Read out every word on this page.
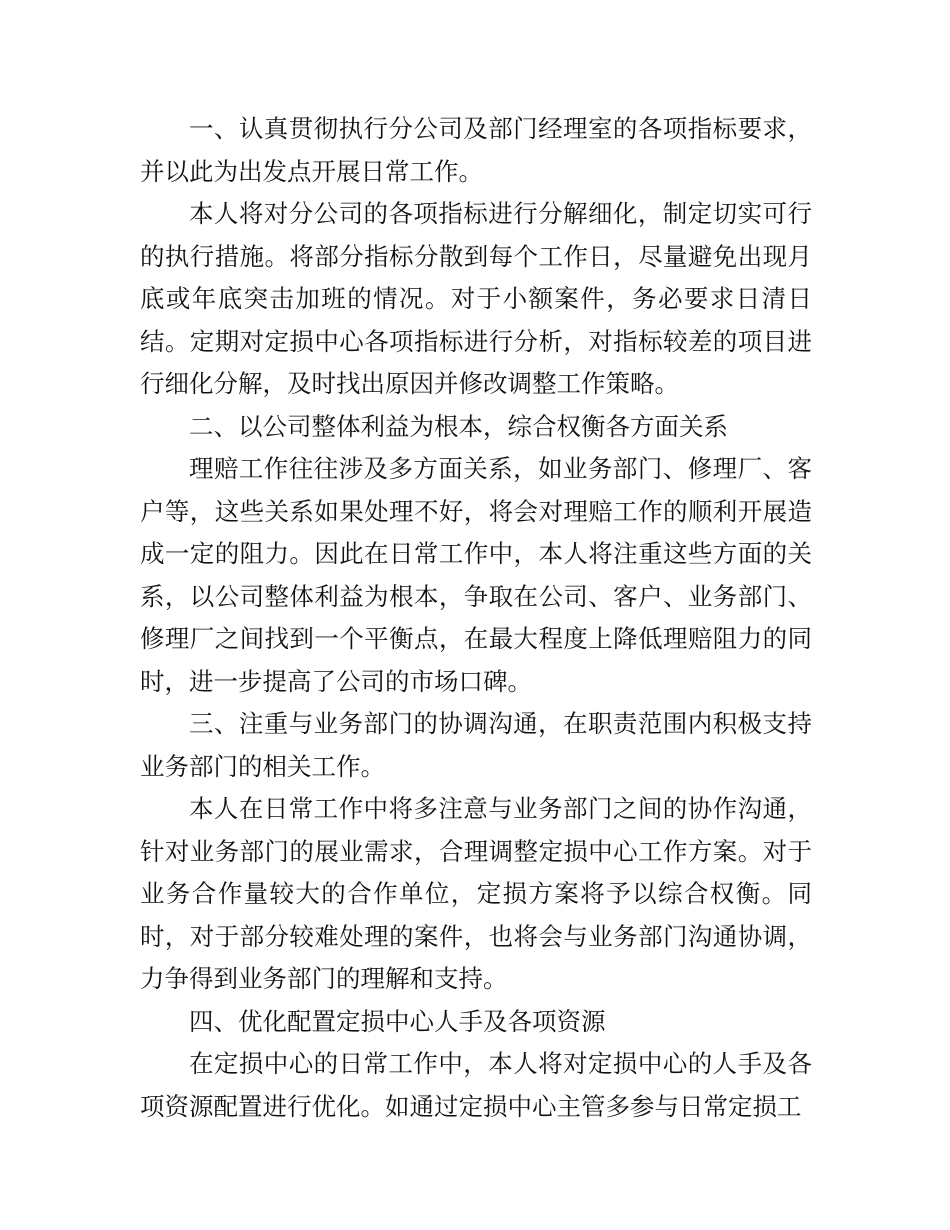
一、认真贯彻执行分公司及部门经理室的各项指标要求，并以此为出发点开展日常工作。

本人将对分公司的各项指标进行分解细化，制定切实可行的执行措施。将部分指标分散到每个工作日，尽量避免出现月底或年底突击加班的情况。对于小额案件，务必要求日清日结。定期对定损中心各项指标进行分析，对指标较差的项目进行细化分解，及时找出原因并修改调整工作策略。

二、以公司整体利益为根本，综合权衡各方面关系

理赔工作往往涉及多方面关系，如业务部门、修理厂、客户等，这些关系如果处理不好，将会对理赔工作的顺利开展造成一定的阻力。因此在日常工作中，本人将注重这些方面的关系，以公司整体利益为根本，争取在公司、客户、业务部门、修理厂之间找到一个平衡点，在最大程度上降低理赔阻力的同时，进一步提高了公司的市场口碑。

三、注重与业务部门的协调沟通，在职责范围内积极支持业务部门的相关工作。

本人在日常工作中将多注意与业务部门之间的协作沟通，针对业务部门的展业需求，合理调整定损中心工作方案。对于业务合作量较大的合作单位，定损方案将予以综合权衡。同时，对于部分较难处理的案件，也将会与业务部门沟通协调，力争得到业务部门的理解和支持。

四、优化配置定损中心人手及各项资源

在定损中心的日常工作中，本人将对定损中心的人手及各项资源配置进行优化。如通过定损中心主管多参与日常定损工
